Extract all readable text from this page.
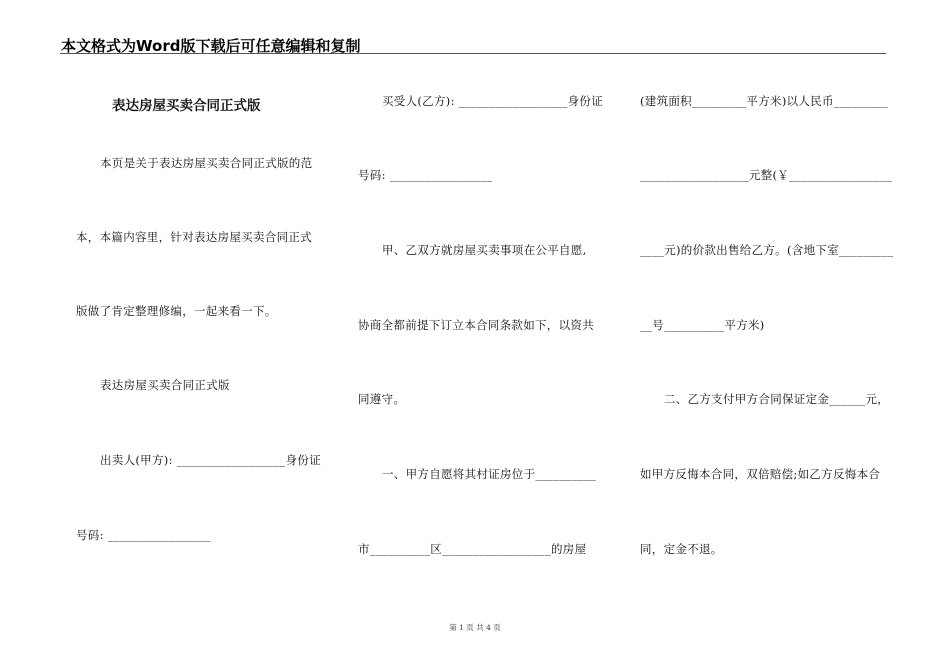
本文格式为Word版下载后可任意编辑和复制
表达房屋买卖合同正式版
本页是关于表达房屋买卖合同正式版的范
本，本篇内容里，针对表达房屋买卖合同正式
版做了肯定整理修编，一起来看一下。
表达房屋买卖合同正式版
出卖人(甲方): __________________身份证
号码: _________________
买受人(乙方): __________________身份证
号码: _________________
甲、乙双方就房屋买卖事项在公平自愿,
协商全都前提下订立本合同条款如下，以资共
同遵守。
一、甲方自愿将其村证房位于__________
市__________区__________________的房屋
(建筑面积_________平方米)以人民币_________
__________________元整(￥_________________
____元)的价款出售给乙方。(含地下室_________
__号__________平方米)
二、乙方支付甲方合同保证定金______元，
如甲方反悔本合同，双倍赔偿;如乙方反悔本合
同，定金不退。
第 1 页 共 4 页
